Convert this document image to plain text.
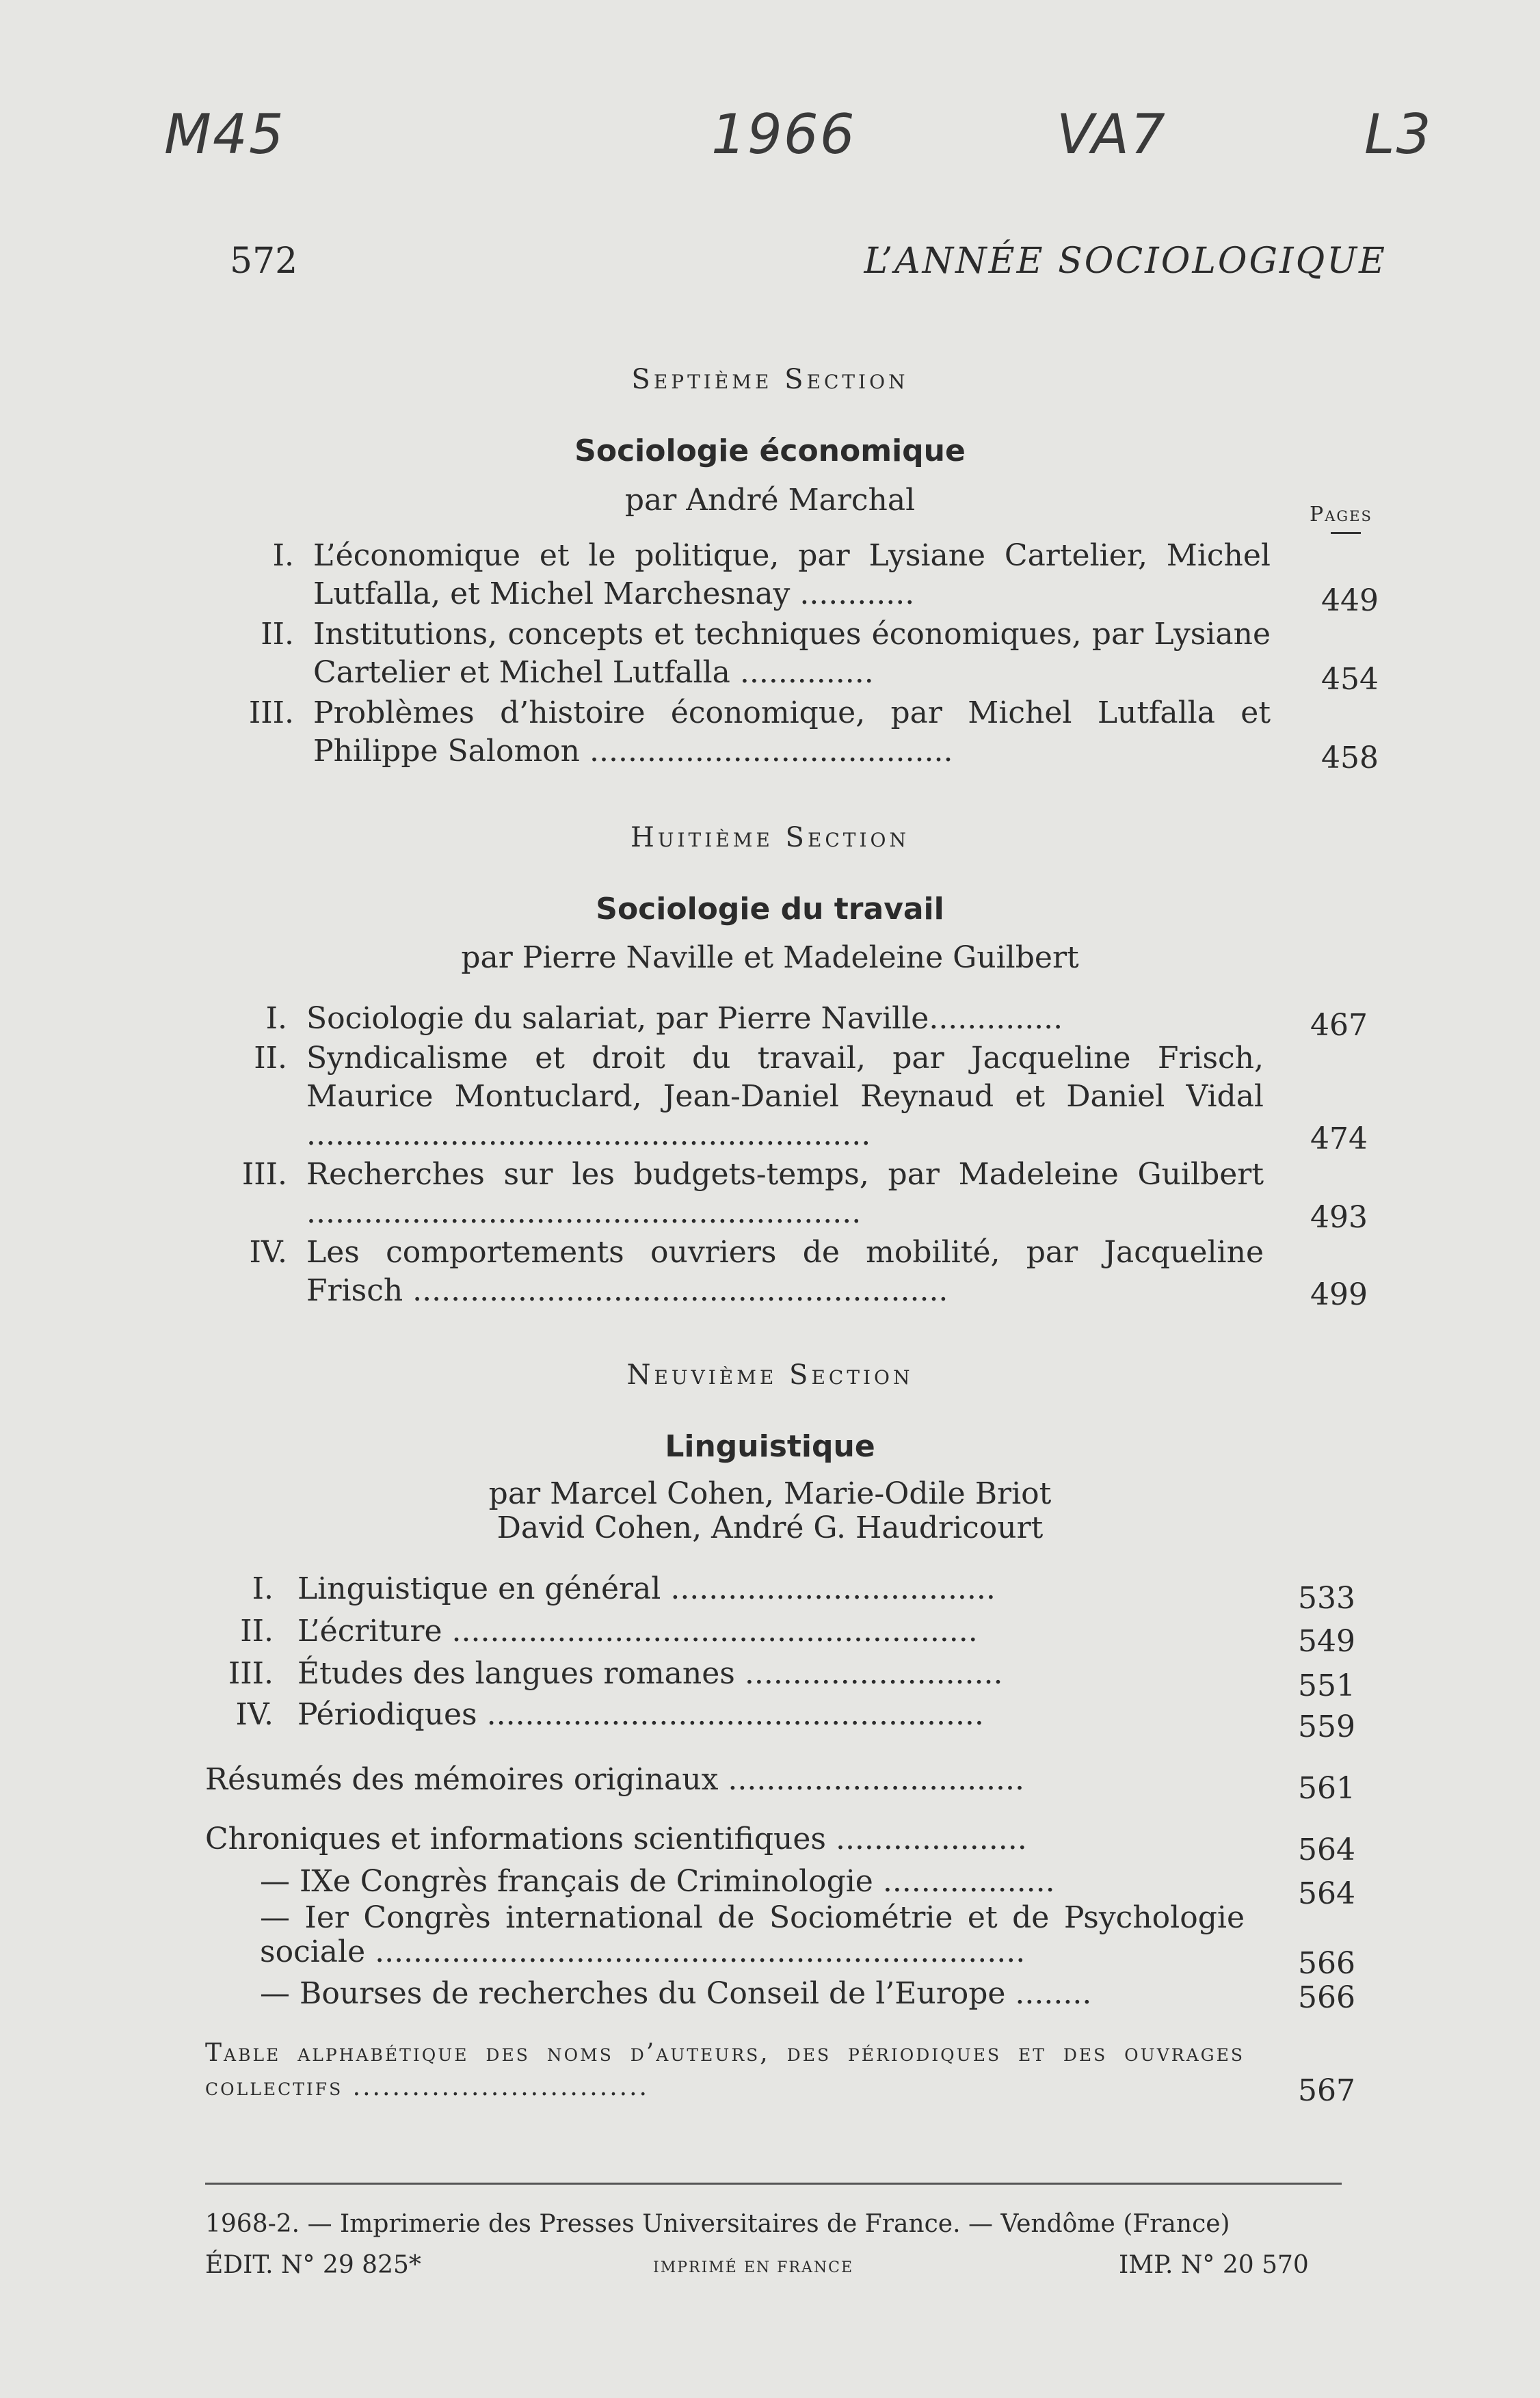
M45	1966	VA7	L3
572	L’ANNÉE SOCIOLOGIQUE
Septième Section
Sociologie économique
par André Marchal	Pages
I. L’économique et le politique, par Lysiane Cartelier, Michel Lutfalla, et Michel Marchesnay ............	449
II. Institutions, concepts et techniques économiques, par Lysiane Cartelier et Michel Lutfalla ..............	454
III. Problèmes d’histoire économique, par Michel Lutfalla et Philippe Salomon ......................................	458
Huitième Section
Sociologie du travail
par Pierre Naville et Madeleine Guilbert
I. Sociologie du salariat, par Pierre Naville..............	467
II. Syndicalisme et droit du travail, par Jacqueline Frisch, Maurice Montuclard, Jean-Daniel Reynaud et Daniel Vidal ...........................................................	474
III. Recherches sur les budgets-temps, par Madeleine Guilbert ..........................................................	493
IV. Les comportements ouvriers de mobilité, par Jacqueline Frisch ........................................................	499
Neuvième Section
Linguistique
par Marcel Cohen, Marie-Odile Briot
David Cohen, André G. Haudricourt
I. Linguistique en général ..................................	533
II. L’écriture .......................................................	549
III. Études des langues romanes ...........................	551
IV. Périodiques ....................................................	559
Résumés des mémoires originaux ...............................	561
Chroniques et informations scientifiques ....................	564
— IXe Congrès français de Criminologie ..................	564
— Ier Congrès international de Sociométrie et de Psychologie sociale ....................................................................	566
— Bourses de recherches du Conseil de l’Europe ........	566
Table alphabétique des noms d’auteurs, des périodiques et des ouvrages collectifs ..............................	567
1968-2. — Imprimerie des Presses Universitaires de France. — Vendôme (France)
ÉDIT. N° 29 825*	IMPRIMÉ EN FRANCE	IMP. N° 20 570
